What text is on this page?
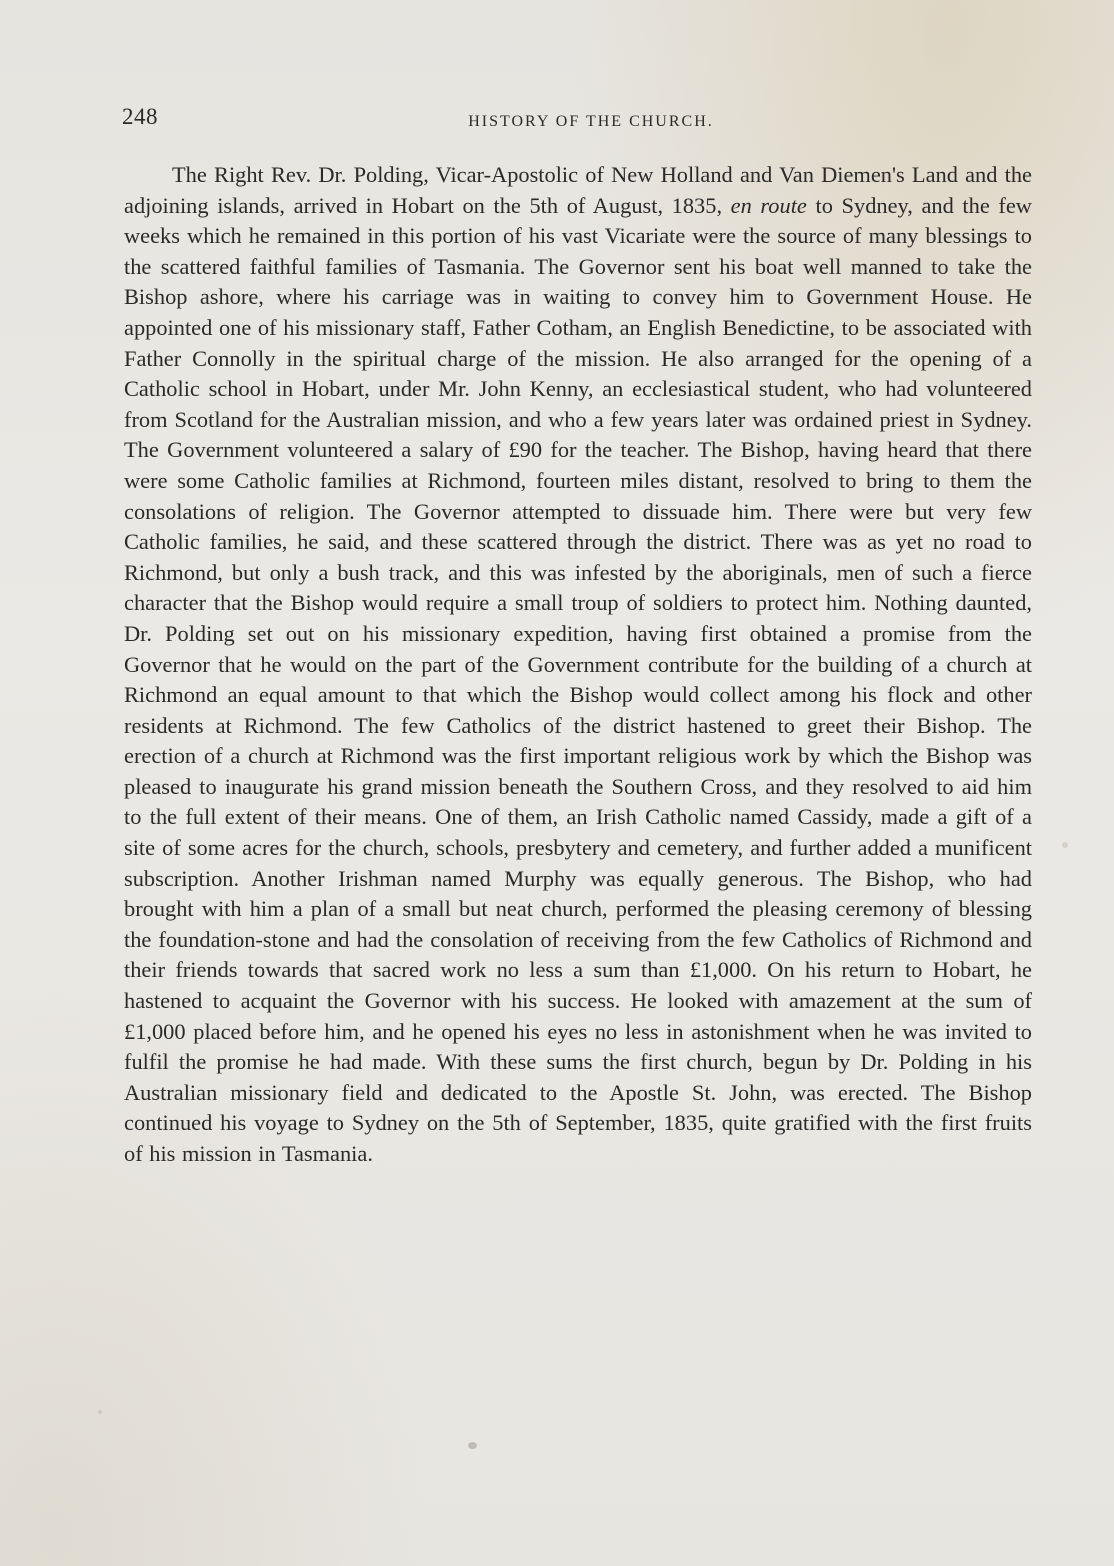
248	HISTORY OF THE CHURCH.

The Right Rev. Dr. Polding, Vicar-Apostolic of New Holland and Van Diemen's Land and the adjoining islands, arrived in Hobart on the 5th of August, 1835, en route to Sydney, and the few weeks which he remained in this portion of his vast Vicariate were the source of many blessings to the scattered faithful families of Tasmania. The Governor sent his boat well manned to take the Bishop ashore, where his carriage was in waiting to convey him to Government House. He appointed one of his missionary staff, Father Cotham, an English Benedictine, to be associated with Father Connolly in the spiritual charge of the mission. He also arranged for the opening of a Catholic school in Hobart, under Mr. John Kenny, an ecclesiastical student, who had volunteered from Scotland for the Australian mission, and who a few years later was ordained priest in Sydney. The Government volunteered a salary of £90 for the teacher. The Bishop, having heard that there were some Catholic families at Richmond, fourteen miles distant, resolved to bring to them the consolations of religion. The Governor attempted to dissuade him. There were but very few Catholic families, he said, and these scattered through the district. There was as yet no road to Richmond, but only a bush track, and this was infested by the aboriginals, men of such a fierce character that the Bishop would require a small troup of soldiers to protect him. Nothing daunted, Dr. Polding set out on his missionary expedition, having first obtained a promise from the Governor that he would on the part of the Government contribute for the building of a church at Richmond an equal amount to that which the Bishop would collect among his flock and other residents at Richmond. The few Catholics of the district hastened to greet their Bishop. The erection of a church at Richmond was the first important religious work by which the Bishop was pleased to inaugurate his grand mission beneath the Southern Cross, and they resolved to aid him to the full extent of their means. One of them, an Irish Catholic named Cassidy, made a gift of a site of some acres for the church, schools, presbytery and cemetery, and further added a munificent subscription. Another Irishman named Murphy was equally generous. The Bishop, who had brought with him a plan of a small but neat church, performed the pleasing ceremony of blessing the foundation-stone and had the consolation of receiving from the few Catholics of Richmond and their friends towards that sacred work no less a sum than £1,000. On his return to Hobart, he hastened to acquaint the Governor with his success. He looked with amazement at the sum of £1,000 placed before him, and he opened his eyes no less in astonishment when he was invited to fulfil the promise he had made. With these sums the first church, begun by Dr. Polding in his Australian missionary field and dedicated to the Apostle St. John, was erected. The Bishop continued his voyage to Sydney on the 5th of September, 1835, quite gratified with the first fruits of his mission in Tasmania.
